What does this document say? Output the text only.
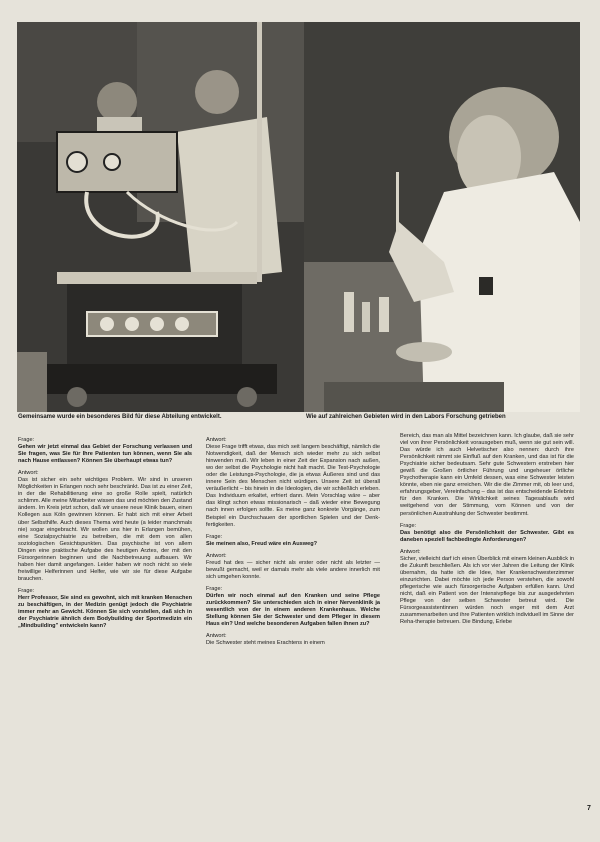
Gemeinsame wurde ein besonderes Bild für diese Abteilung entwickelt.	Wie auf zahlreichen Gebieten wird in den Labors Forschung getrieben
Frage:

Gehen wir jetzt einmal das Gebiet der Forschung verlassen und Sie fragen, was Sie für Ihre Patienten tun können, wenn Sie als nach Hause entlassen? Können Sie überhaupt etwas tun?

Antwort:

Das ist sicher ein sehr wichtiges Problem. Wir sind in unseren Möglichkeiten in Erlangen noch sehr beschränkt. Das ist zu einer Zeit, in der die Rehabilitierung eine so große Rolle spielt, natürlich schlimm. Alle meine Mitarbeiter wissen das und möchten den Zustand ändern. Im Kreis jetzt schon, daß wir unsere neue Klinik bauen, einen Kollegen aus Köln gewinnen können. Er habt sich mit einer Arbeit über Selbsthilfe. Auch dieses Thema wird heute (a leider manchmals nie) sogar eingebracht. Wir wollen uns hier in Erlangen bemühen, eine Sozialpsychiatrie zu betreiben, die mit dem von allen soziologischen Gesichtspunkten. Das psychische ist von allem Dingen eine praktische Aufgabe des heutigen Arztes, der mit den Fürsorgerinnen beginnen und die Nachbetreuung aufbauen. Wir haben hier damit angefangen. Leider haben wir noch nicht so viele freiwillige Helferinnen und Helfer, wie wir sie für diese Aufgabe brauchen.

Frage:

Herr Professor, Sie sind es gewohnt, sich mit kranken Menschen zu beschäftigen, in der Medizin genügt jedoch die Psychiatrie immer mehr an Gewicht. Können Sie sich vorstellen, daß sich in der Psychiatrie ähnlich dem Bodybuilding der Sportmedizin ein „Mindbuilding" entwickeln kann?

Antwort:

Diese Frage trifft etwas, das mich seit langem beschäftigt, nämlich die Notwendigkeit, daß der Mensch sich wieder mehr zu sich selbst hinwenden muß. Wir leben in einer Zeit der Expansion nach außen, wo der selbst die Psychologie nicht halt macht. Die Test-Psychologie oder die Leistungs-Psychologie, die ja etwas Äußeres sind und das innere Sein des Menschen nicht würdigen. Unsere Zeit ist überall veräußerlicht – bis hinein in die Ideologien, die wir schließlich erleben. Das Individuum erkaltet, erfriert dann. Mein Vorschlag wäre – aber das klingt schon etwas missionarisch – daß wieder eine Bewegung nach innen erfolgen sollte. Es meine ganz konkrete Vorgänge, zum Beispiel ein Durchschauen der sportlichen Spielen und der Denk-fertigkeiten.

Frage:

Sie meinen also, Freud wäre ein Ausweg?

Antwort:

Freud hat des — sicher nicht als erster oder nicht als letzter — bewußt gemacht, weil er damals mehr als viele andere innerlich mit sich umgehen konnte.

Frage:

Dürfen wir noch einmal auf den Kranken und seine Pflege zurückkommen? Sie unterschieden sich in einer Nervenklinik ja wesentlich von der in einem anderen Krankenhaus. Welche Stellung können Sie der Schwester und dem Pfleger in diesem Haus ein? Und welche besonderen Aufgaben fallen ihnen zu?

Antwort:

Die Schwester steht meines Erachtens in einem

Bereich, das man als Mittel bezeichnen kann. Ich glaube, daß sie sehr viel von ihrer Persönlichkeit vorausgeben muß, wenn sie gut sein will. Das würde ich auch Helvetischer also nennen: durch ihre Persönlichkeit nimmt sie Einfluß auf den Kranken, und das ist für die Psychiatrie sicher bedeutsam. Sehr gute Schwestern erstreben hier gewiß die Großen örtlicher Führung und ungeheuer örtliche Psychotherapie kann ein Umfeld dessen, was eine Schwester leisten könnte, eben nie ganz erreichen. Wir die die Zimmer mit, ob leer und, erfahrungsgeber, Vereinfachung – das ist das entscheidende Erlebnis für den Kranken. Die Wirklichkeit seines Tagesablaufs wird weitgehend von der Stimmung, vom Können und von der persönlichen Ausstrahlung der Schwester bestimmt.

Frage:

Das benötigt also die Persönlichkeit der Schwester. Gibt es daneben speziell fachbedingte Anforderungen?

Antwort:

Sicher, vielleicht darf ich einen Überblick mit einem kleinen Ausblick in die Zukunft beschließen. Als ich vor vier Jahren die Leitung der Klinik übernahm, da hatte ich die Idee, hier Krankenschwesterzimmer einzurichten. Dabei möchte ich jede Person verstehen, die sowohl pflegerische wie auch fürsorgerische Aufgaben erfüllen kann. Und nicht, daß ein Patient von der Intensivpflege bis zur ausgedehnten Pflege von der selben Schwester betreut wird. Die Fürsorgeassistentinnen würden noch enger mit dem Arzt zusammenarbeiten und ihre Patienten wirklich individuell im Sinne der Reha-therapie betreuen. Die Bindung, Erlebe

7
